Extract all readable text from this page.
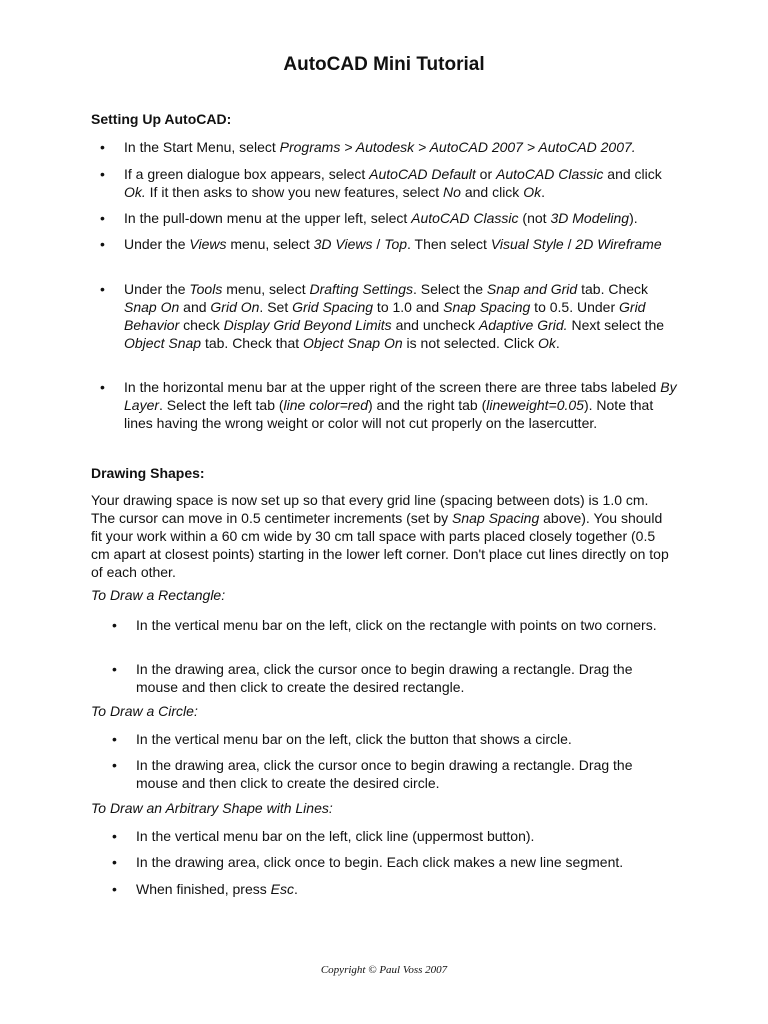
AutoCAD Mini Tutorial
Setting Up AutoCAD:
• In the Start Menu, select Programs > Autodesk > AutoCAD 2007 > AutoCAD 2007.
• If a green dialogue box appears, select AutoCAD Default or AutoCAD Classic and click Ok. If it then asks to show you new features, select No and click Ok.
• In the pull-down menu at the upper left, select AutoCAD Classic (not 3D Modeling).
• Under the Views menu, select 3D Views / Top. Then select Visual Style / 2D Wireframe
• Under the Tools menu, select Drafting Settings. Select the Snap and Grid tab. Check Snap On and Grid On. Set Grid Spacing to 1.0 and Snap Spacing to 0.5. Under Grid Behavior check Display Grid Beyond Limits and uncheck Adaptive Grid. Next select the Object Snap tab. Check that Object Snap On is not selected. Click Ok.
• In the horizontal menu bar at the upper right of the screen there are three tabs labeled By Layer. Select the left tab (line color=red) and the right tab (lineweight=0.05). Note that lines having the wrong weight or color will not cut properly on the lasercutter.
Drawing Shapes:

Your drawing space is now set up so that every grid line (spacing between dots) is 1.0 cm. The cursor can move in 0.5 centimeter increments (set by Snap Spacing above). You should fit your work within a 60 cm wide by 30 cm tall space with parts placed closely together (0.5 cm apart at closest points) starting in the lower left corner. Don't place cut lines directly on top of each other.

To Draw a Rectangle:

• In the vertical menu bar on the left, click on the rectangle with points on two corners.
• In the drawing area, click the cursor once to begin drawing a rectangle. Drag the mouse and then click to create the desired rectangle.

To Draw a Circle:

• In the vertical menu bar on the left, click the button that shows a circle.
• In the drawing area, click the cursor once to begin drawing a rectangle. Drag the mouse and then click to create the desired circle.

To Draw an Arbitrary Shape with Lines:

• In the vertical menu bar on the left, click line (uppermost button).
• In the drawing area, click once to begin. Each click makes a new line segment.
• When finished, press Esc.
Copyright © Paul Voss 2007
